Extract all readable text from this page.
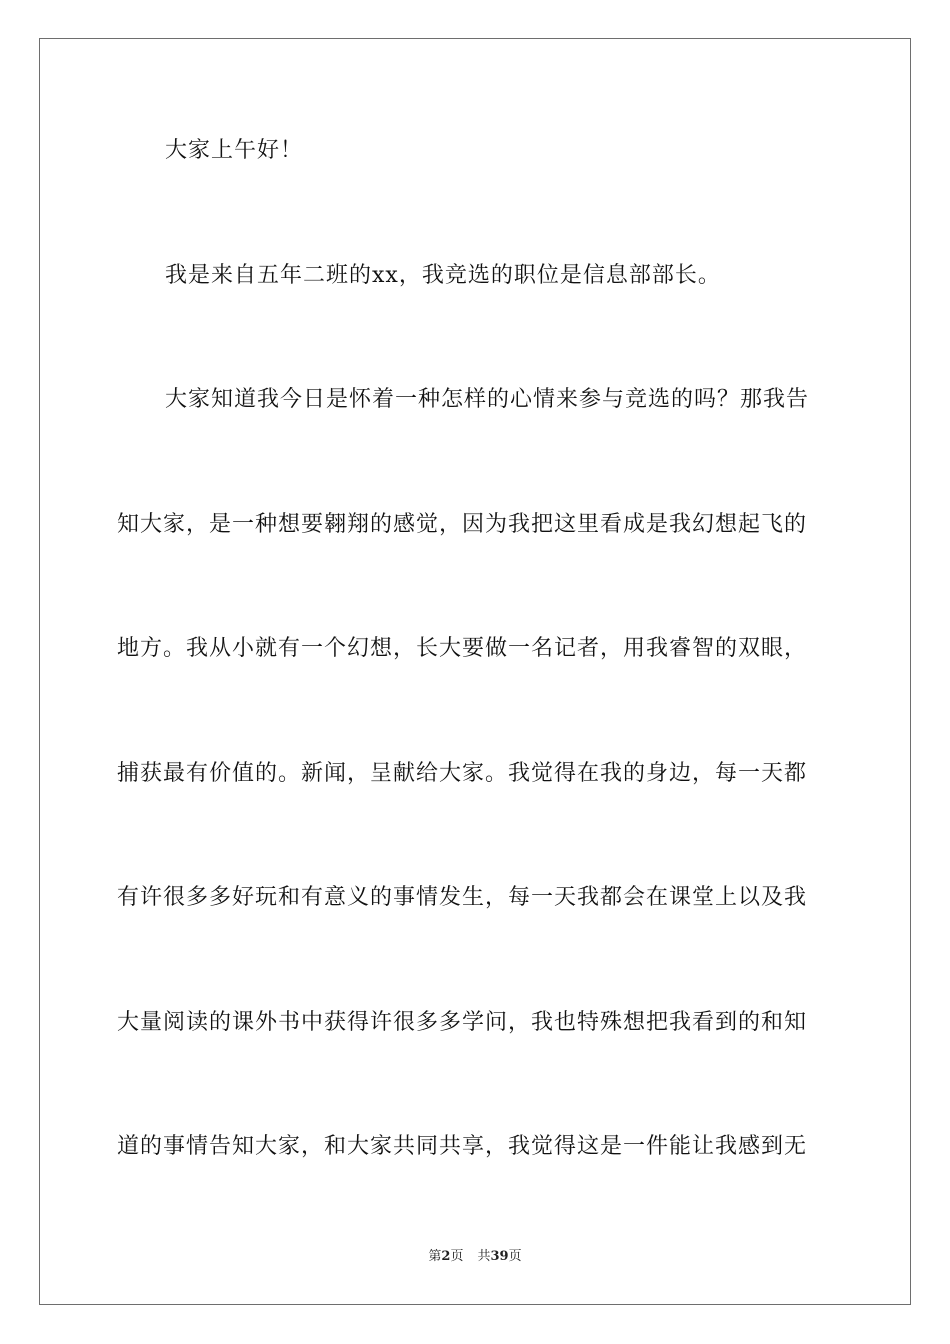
大家上午好！
我是来自五年二班的xx，我竞选的职位是信息部部长。
大家知道我今日是怀着一种怎样的心情来参与竞选的吗？那我告
知大家，是一种想要翱翔的感觉，因为我把这里看成是我幻想起飞的
地方。我从小就有一个幻想，长大要做一名记者，用我睿智的双眼，
捕获最有价值的。新闻，呈献给大家。我觉得在我的身边，每一天都
有许很多多好玩和有意义的事情发生，每一天我都会在课堂上以及我
大量阅读的课外书中获得许很多多学问，我也特殊想把我看到的和知
道的事情告知大家，和大家共同共享，我觉得这是一件能让我感到无
第2页 共39页
